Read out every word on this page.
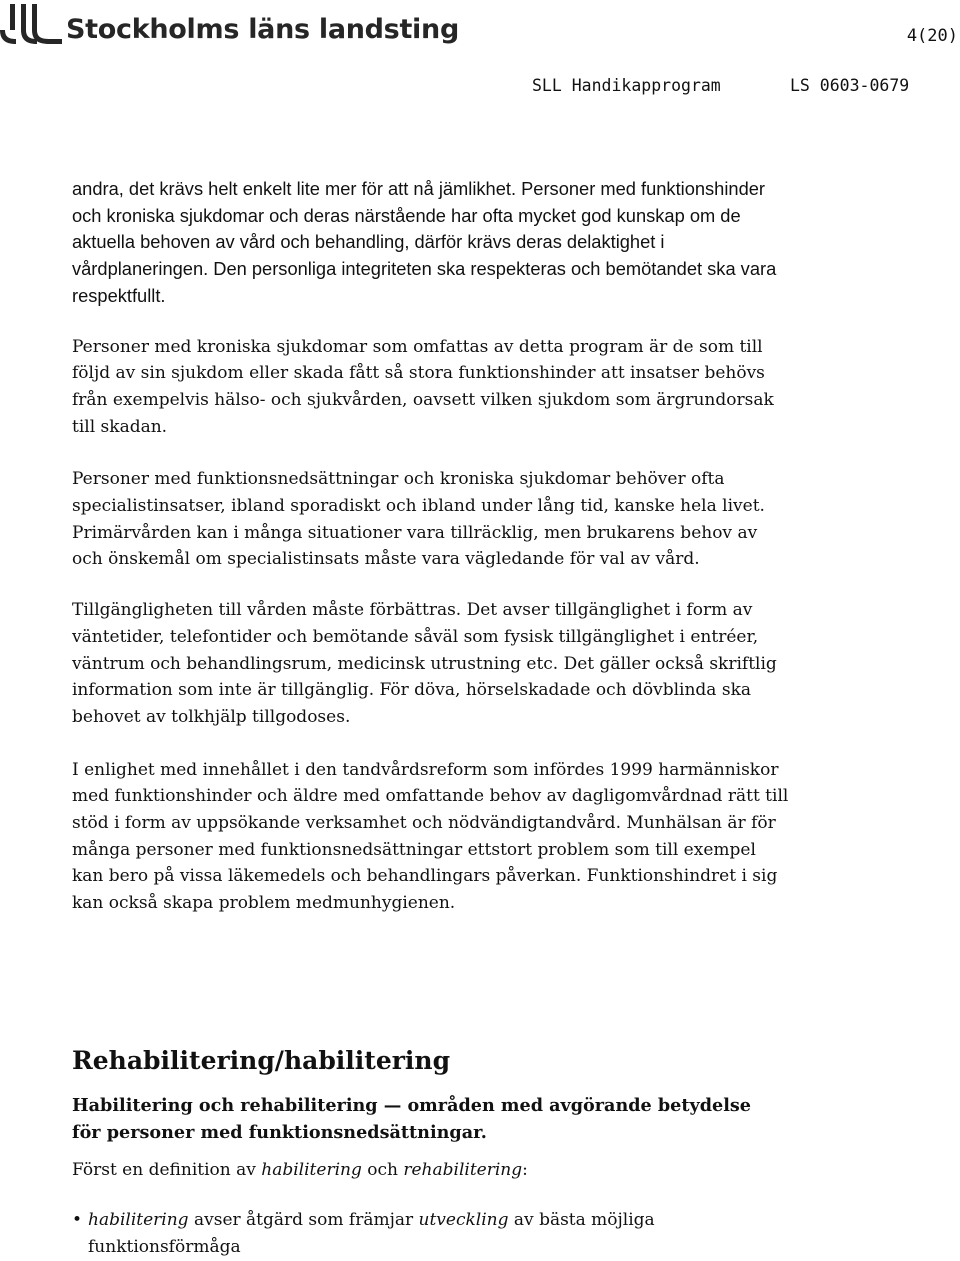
Stockholms läns landsting	4(20)
SLL Handikapprogram	LS 0603-0679

andra, det krävs helt enkelt lite mer för att nå jämlikhet. Personer med funktionshinder och kroniska sjukdomar och deras närstående har ofta mycket god kunskap om de aktuella behoven av vård och behandling, därför krävs deras delaktighet i vårdplaneringen. Den personliga integriteten ska respekteras och bemötandet ska vara respektfullt.

Personer med kroniska sjukdomar som omfattas av detta program är de som till följd av sin sjukdom eller skada fått så stora funktionshinder att insatser behövs från exempelvis hälso- och sjukvården, oavsett vilken sjukdom som ärgrundorsak till skadan.

Personer med funktionsnedsättningar och kroniska sjukdomar behöver ofta specialistinsatser, ibland sporadiskt och ibland under lång tid, kanske hela livet. Primärvården kan i många situationer vara tillräcklig, men brukarens behov av och önskemål om specialistinsats måste vara vägledande för val av vård.

Tillgängligheten till vården måste förbättras. Det avser tillgänglighet i form av väntetider, telefontider och bemötande såväl som fysisk tillgänglighet i entréer, väntrum och behandlingsrum, medicinsk utrustning etc. Det gäller också skriftlig information som inte är tillgänglig. För döva, hörselskadade och dövblinda ska behovet av tolkhjälp tillgodoses.

I enlighet med innehållet i den tandvårdsreform som infördes 1999 harmänniskor med funktionshinder och äldre med omfattande behov av dagligomvårdnad rätt till stöd i form av uppsökande verksamhet och nödvändigtandvård. Munhälsan är för många personer med funktionsnedsättningar ettstort problem som till exempel kan bero på vissa läkemedels och behandlingars påverkan. Funktionshindret i sig kan också skapa problem medmunhygienen.

Rehabilitering/habilitering

Habilitering och rehabilitering — områden med avgörande betydelse för personer med funktionsnedsättningar.

Först en definition av habilitering och rehabilitering:

• habilitering avser åtgärd som främjar utveckling av bästa möjliga funktionsförmåga
